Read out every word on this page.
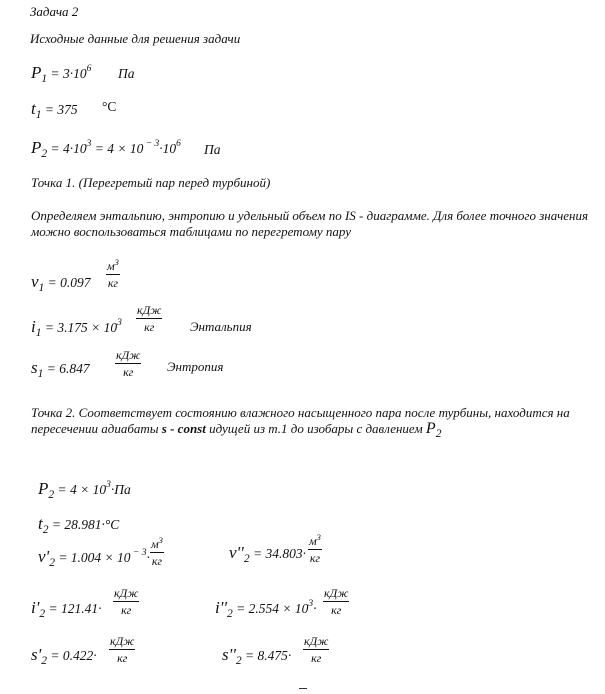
Задача 2
Исходные данные для решения задачи
$P1 = 3\cdot 10^6$ Па
t1 = 375 °C
$P2 = 4\cdot 10^3 = 4 \times 10$ $^{- 3}\cdot 10^6$ Па
Точка 1. (Перегретый пар перед турбиной)
Определяем энтальпию, энтропию и удельный объем по IS - диаграмме. Для более точного значения можно воспользоваться таблицами по перегретому пару
v1 = 0.097
$м^3$
кг
$i1 = 3.175 \times 10^3$
кДж
кг	Энтальпия
s1 = 6.847
кДж
кг	Энтропия
Точка 2. Соответствует состоянию влажного насыщенного пара после турбины, находится на пересечении адиабаты s - const идущей из т.1 до изобары с давлением P2
$P2 = 4 \times 10^3\cdot Па$
t2 = 28.981·°C
v'2 = 1.004 × 10 $^{- 3}$·
$м^3$
кг	v''2 = 34.803·
$м^3$
кг
i'2 = 121.41·
кДж
кг	$i''2 = 2.554 \times 10^3\cdot$
кДж
кг
s'2 = 0.422·
кДж
кг	s''2 = 8.475·
кДж
кг
